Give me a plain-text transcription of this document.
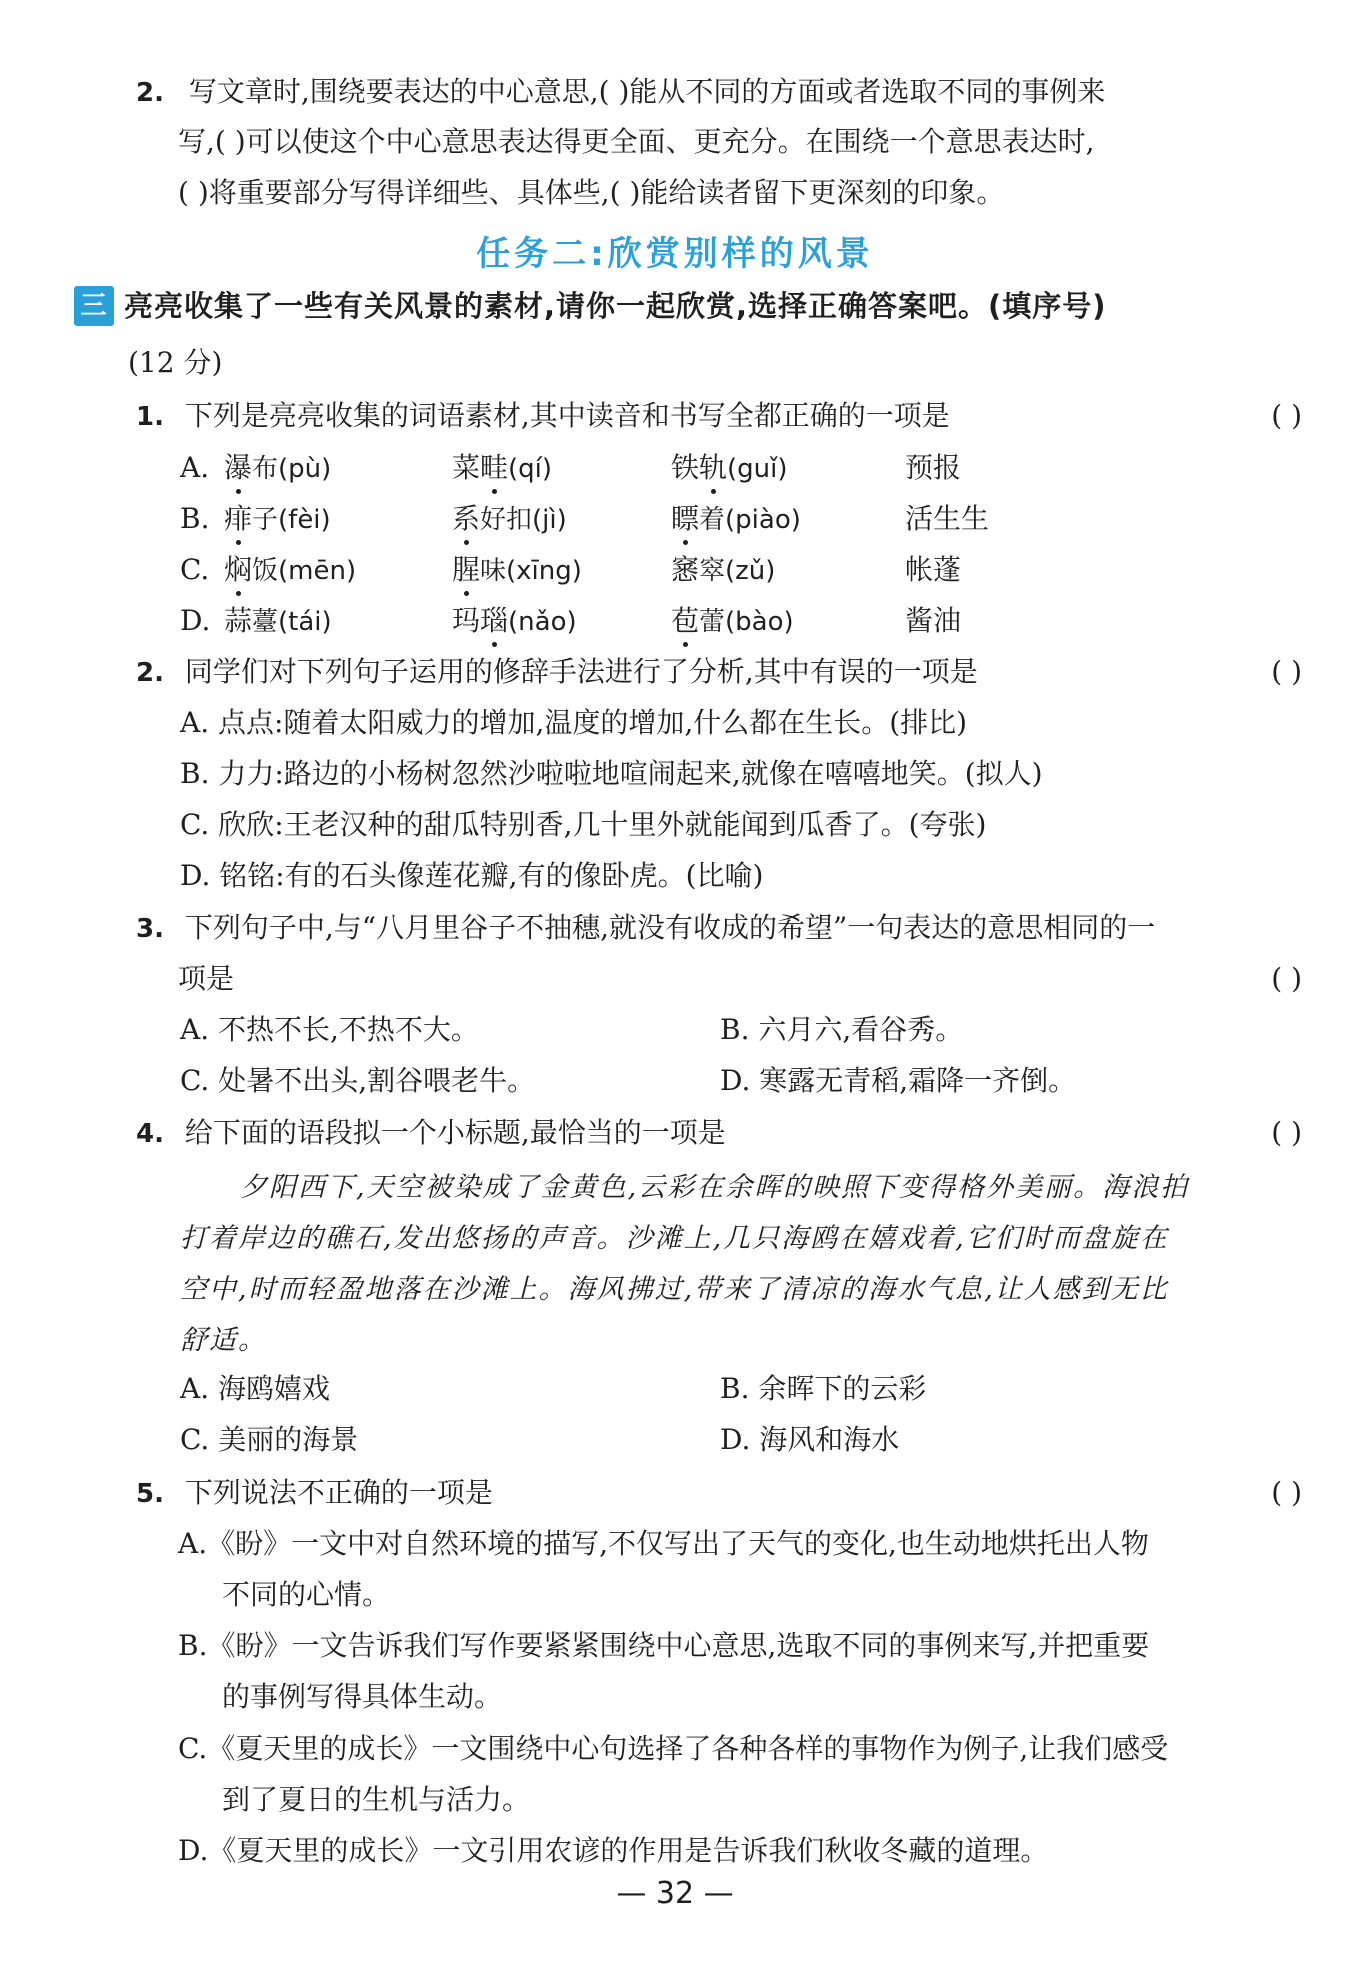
2. 写文章时,围绕要表达的中心意思,( )能从不同的方面或者选取不同的事例来
写,( )可以使这个中心意思表达得更全面、更充分。在围绕一个意思表达时,
( )将重要部分写得详细些、具体些,( )能给读者留下更深刻的印象。
任务二:欣赏别样的风景
三 亮亮收集了一些有关风景的素材,请你一起欣赏,选择正确答案吧。(填序号)
(12 分)
1. 下列是亮亮收集的词语素材,其中读音和书写全都正确的一项是	( )
A. 瀑布(pù)	菜畦(qí)	铁轨(guǐ)	预报
B. 痱子(fèi)	系好扣(jì)	瞟着(piào)	活生生
C. 焖饭(mēn)	腥味(xīng)	窸窣(zǔ)	帐蓬
D. 蒜薹(tái)	玛瑙(nǎo)	苞蕾(bào)	酱油
2. 同学们对下列句子运用的修辞手法进行了分析,其中有误的一项是	( )
A. 点点:随着太阳威力的增加,温度的增加,什么都在生长。(排比)
B. 力力:路边的小杨树忽然沙啦啦地喧闹起来,就像在嘻嘻地笑。(拟人)
C. 欣欣:王老汉种的甜瓜特别香,几十里外就能闻到瓜香了。(夸张)
D. 铭铭:有的石头像莲花瓣,有的像卧虎。(比喻)
3. 下列句子中,与“八月里谷子不抽穗,就没有收成的希望”一句表达的意思相同的一
项是	( )
A. 不热不长,不热不大。	B. 六月六,看谷秀。
C. 处暑不出头,割谷喂老牛。	D. 寒露无青稻,霜降一齐倒。
4. 给下面的语段拟一个小标题,最恰当的一项是	( )
夕阳西下,天空被染成了金黄色,云彩在余晖的映照下变得格外美丽。海浪拍
打着岸边的礁石,发出悠扬的声音。沙滩上,几只海鸥在嬉戏着,它们时而盘旋在
空中,时而轻盈地落在沙滩上。海风拂过,带来了清凉的海水气息,让人感到无比
舒适。
A. 海鸥嬉戏	B. 余晖下的云彩
C. 美丽的海景	D. 海风和海水
5. 下列说法不正确的一项是	( )
A.《盼》一文中对自然环境的描写,不仅写出了天气的变化,也生动地烘托出人物
不同的心情。
B.《盼》一文告诉我们写作要紧紧围绕中心意思,选取不同的事例来写,并把重要
的事例写得具体生动。
C.《夏天里的成长》一文围绕中心句选择了各种各样的事物作为例子,让我们感受
到了夏日的生机与活力。
D.《夏天里的成长》一文引用农谚的作用是告诉我们秋收冬藏的道理。
— 32 —
